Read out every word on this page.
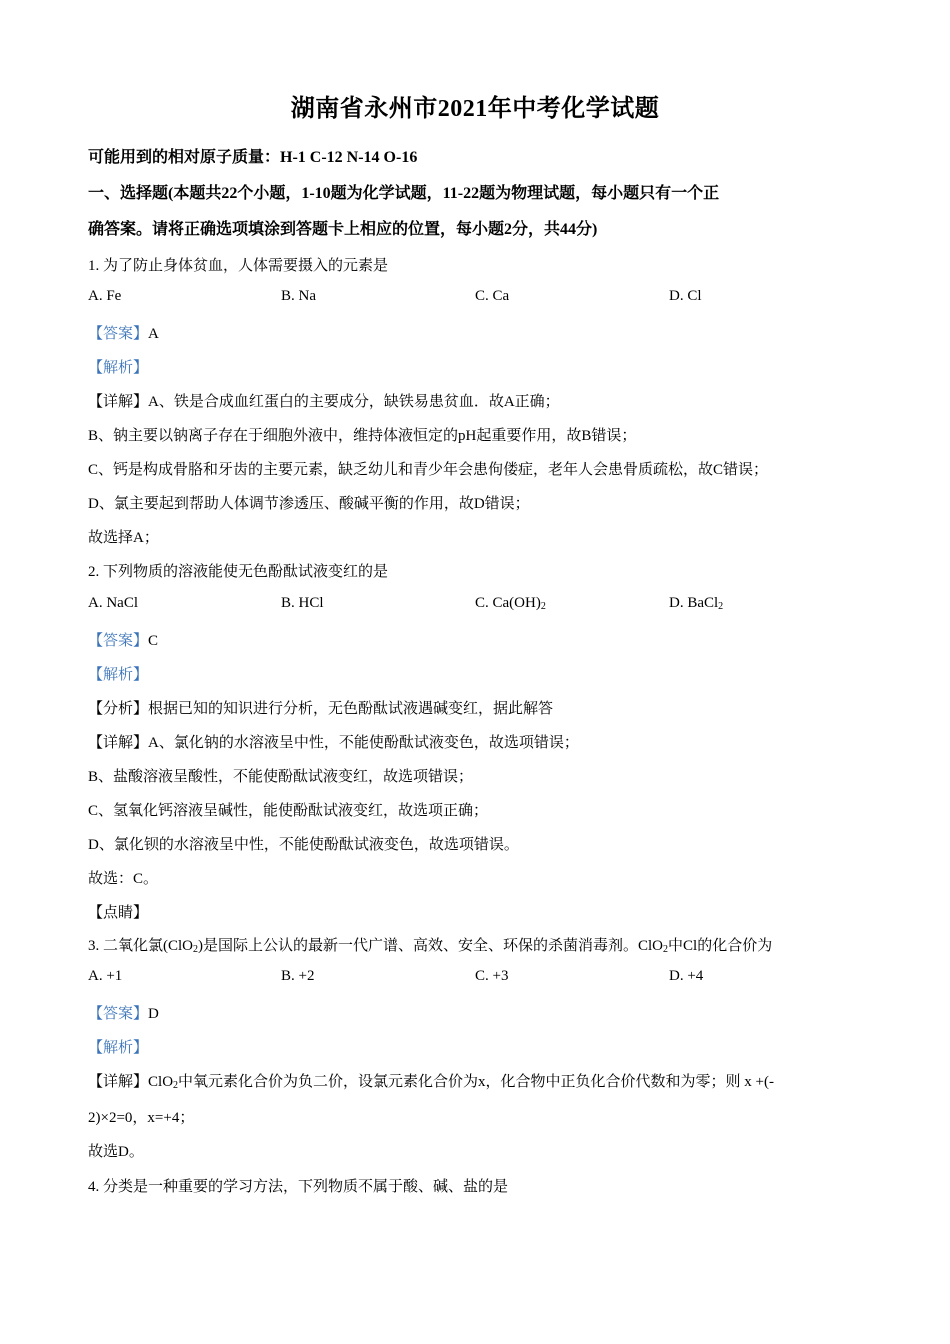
湖南省永州市2021年中考化学试题
可能用到的相对原子质量：H-1 C-12 N-14 O-16
一、选择题(本题共22个小题，1-10题为化学试题，11-22题为物理试题，每小题只有一个正
确答案。请将正确选项填涂到答题卡上相应的位置，每小题2分，共44分)
1. 为了防止身体贫血，人体需要摄入的元素是
A. Fe	B. Na	C. Ca	D. Cl
【答案】A
【解析】
【详解】A、铁是合成血红蛋白的主要成分，缺铁易患贫血．故A正确；
B、钠主要以钠离子存在于细胞外液中，维持体液恒定的pH起重要作用，故B错误；
C、钙是构成骨胳和牙齿的主要元素，缺乏幼儿和青少年会患佝偻症，老年人会患骨质疏松，故C错误；
D、氯主要起到帮助人体调节渗透压、酸碱平衡的作用，故D错误；
故选择A；
2. 下列物质的溶液能使无色酚酞试液变红的是
A. NaCl	B. HCl	C. $Ca(OH)_2$	D. BaCl$_2$
【答案】C
【解析】
【分析】根据已知的知识进行分析，无色酚酞试液遇碱变红，据此解答
【详解】A、氯化钠的水溶液呈中性，不能使酚酞试液变色，故选项错误；
B、盐酸溶液呈酸性，不能使酚酞试液变红，故选项错误；
C、氢氧化钙溶液呈碱性，能使酚酞试液变红，故选项正确；
D、氯化钡的水溶液呈中性，不能使酚酞试液变色，故选项错误。
故选：C。
【点睛】
3. 二氧化氯(ClO$_2$)是国际上公认的最新一代广谱、高效、安全、环保的杀菌消毒剂。ClO$_2$中Cl的化合价为
A. +1	B. +2	C. +3	D. +4
【答案】D
【解析】
【详解】ClO$_2$中氧元素化合价为负二价，设氯元素化合价为x，化合物中正负化合价代数和为零；则 x +(-
2)×2=0，x=+4；
故选D。
4. 分类是一种重要的学习方法，下列物质不属于酸、碱、盐的是
